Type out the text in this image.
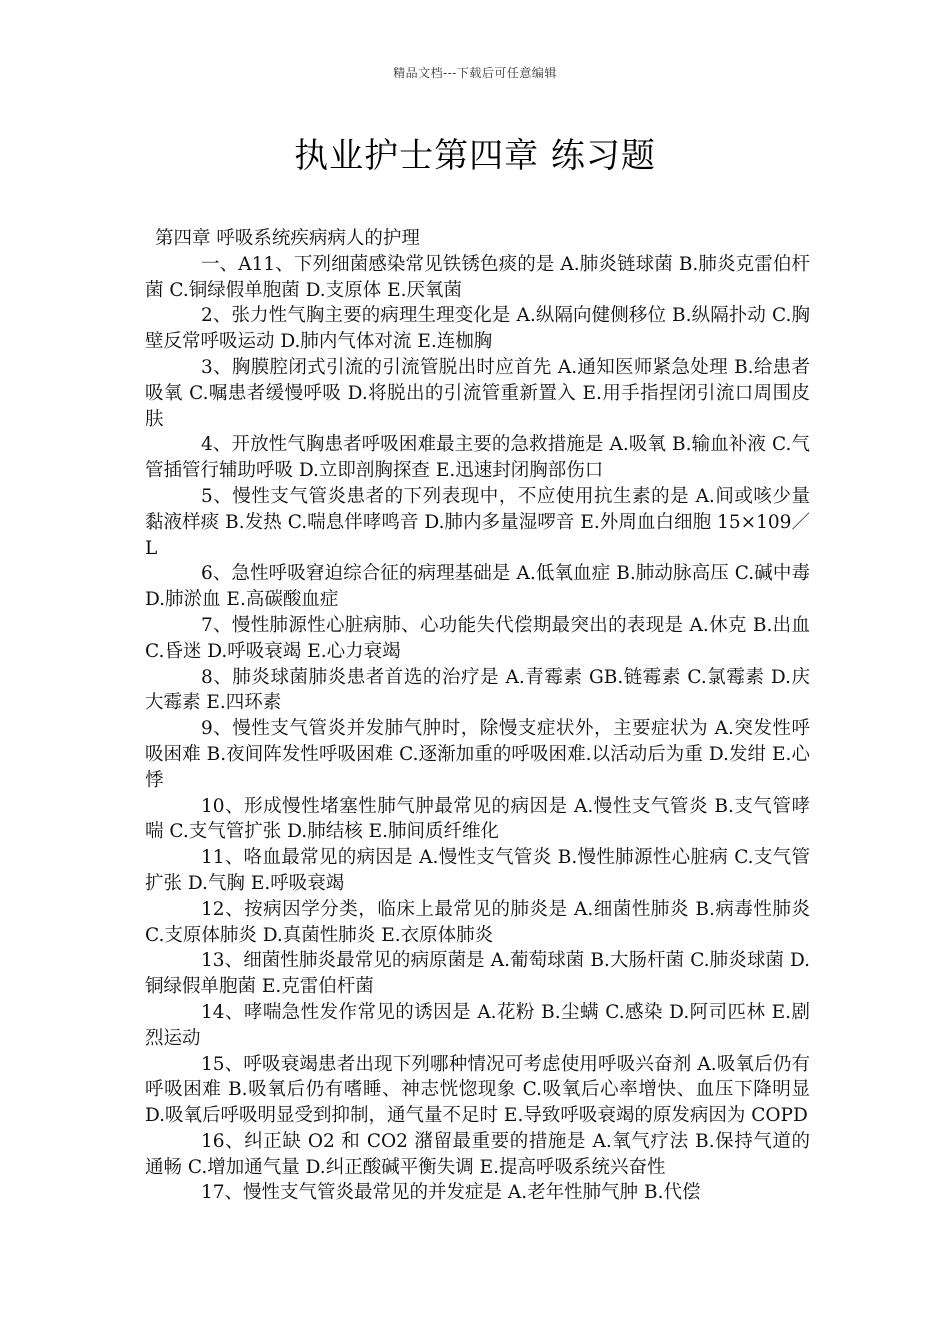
精品文档---下载后可任意编辑
执业护士第四章 练习题

第四章 呼吸系统疾病病人的护理

一、A11、下列细菌感染常见铁锈色痰的是 A.肺炎链球菌 B.肺炎克雷伯杆菌 C.铜绿假单胞菌 D.支原体 E.厌氧菌

2、张力性气胸主要的病理生理变化是 A.纵隔向健侧移位 B.纵隔扑动 C.胸壁反常呼吸运动 D.肺内气体对流 E.连枷胸

3、胸膜腔闭式引流的引流管脱出时应首先 A.通知医师紧急处理 B.给患者吸氧 C.嘱患者缓慢呼吸 D.将脱出的引流管重新置入 E.用手指捏闭引流口周围皮肤

4、开放性气胸患者呼吸困难最主要的急救措施是 A.吸氧 B.输血补液 C.气管插管行辅助呼吸 D.立即剖胸探查 E.迅速封闭胸部伤口

5、慢性支气管炎患者的下列表现中，不应使用抗生素的是 A.间或咳少量黏液样痰 B.发热 C.喘息伴哮鸣音 D.肺内多量湿啰音 E.外周血白细胞 15×109／L

6、急性呼吸窘迫综合征的病理基础是 A.低氧血症 B.肺动脉高压 C.碱中毒 D.肺淤血 E.高碳酸血症

7、慢性肺源性心脏病肺、心功能失代偿期最突出的表现是 A.休克 B.出血 C.昏迷 D.呼吸衰竭 E.心力衰竭

8、肺炎球菌肺炎患者首选的治疗是 A.青霉素 GB.链霉素 C.氯霉素 D.庆大霉素 E.四环素

9、慢性支气管炎并发肺气肿时，除慢支症状外，主要症状为 A.突发性呼吸困难 B.夜间阵发性呼吸困难 C.逐渐加重的呼吸困难.以活动后为重 D.发绀 E.心悸

10、形成慢性堵塞性肺气肿最常见的病因是 A.慢性支气管炎 B.支气管哮喘 C.支气管扩张 D.肺结核 E.肺间质纤维化

11、咯血最常见的病因是 A.慢性支气管炎 B.慢性肺源性心脏病 C.支气管扩张 D.气胸 E.呼吸衰竭

12、按病因学分类，临床上最常见的肺炎是 A.细菌性肺炎 B.病毒性肺炎 C.支原体肺炎 D.真菌性肺炎 E.衣原体肺炎

13、细菌性肺炎最常见的病原菌是 A.葡萄球菌 B.大肠杆菌 C.肺炎球菌 D.铜绿假单胞菌 E.克雷伯杆菌

14、哮喘急性发作常见的诱因是 A.花粉 B.尘螨 C.感染 D.阿司匹林 E.剧烈运动

15、呼吸衰竭患者出现下列哪种情况可考虑使用呼吸兴奋剂 A.吸氧后仍有呼吸困难 B.吸氧后仍有嗜睡、神志恍惚现象 C.吸氧后心率增快、血压下降明显 D.吸氧后呼吸明显受到抑制，通气量不足时 E.导致呼吸衰竭的原发病因为 COPD

16、纠正缺 O2 和 CO2 潴留最重要的措施是 A.氧气疗法 B.保持气道的通畅 C.增加通气量 D.纠正酸碱平衡失调 E.提高呼吸系统兴奋性

17、慢性支气管炎最常见的并发症是 A.老年性肺气肿 B.代偿
